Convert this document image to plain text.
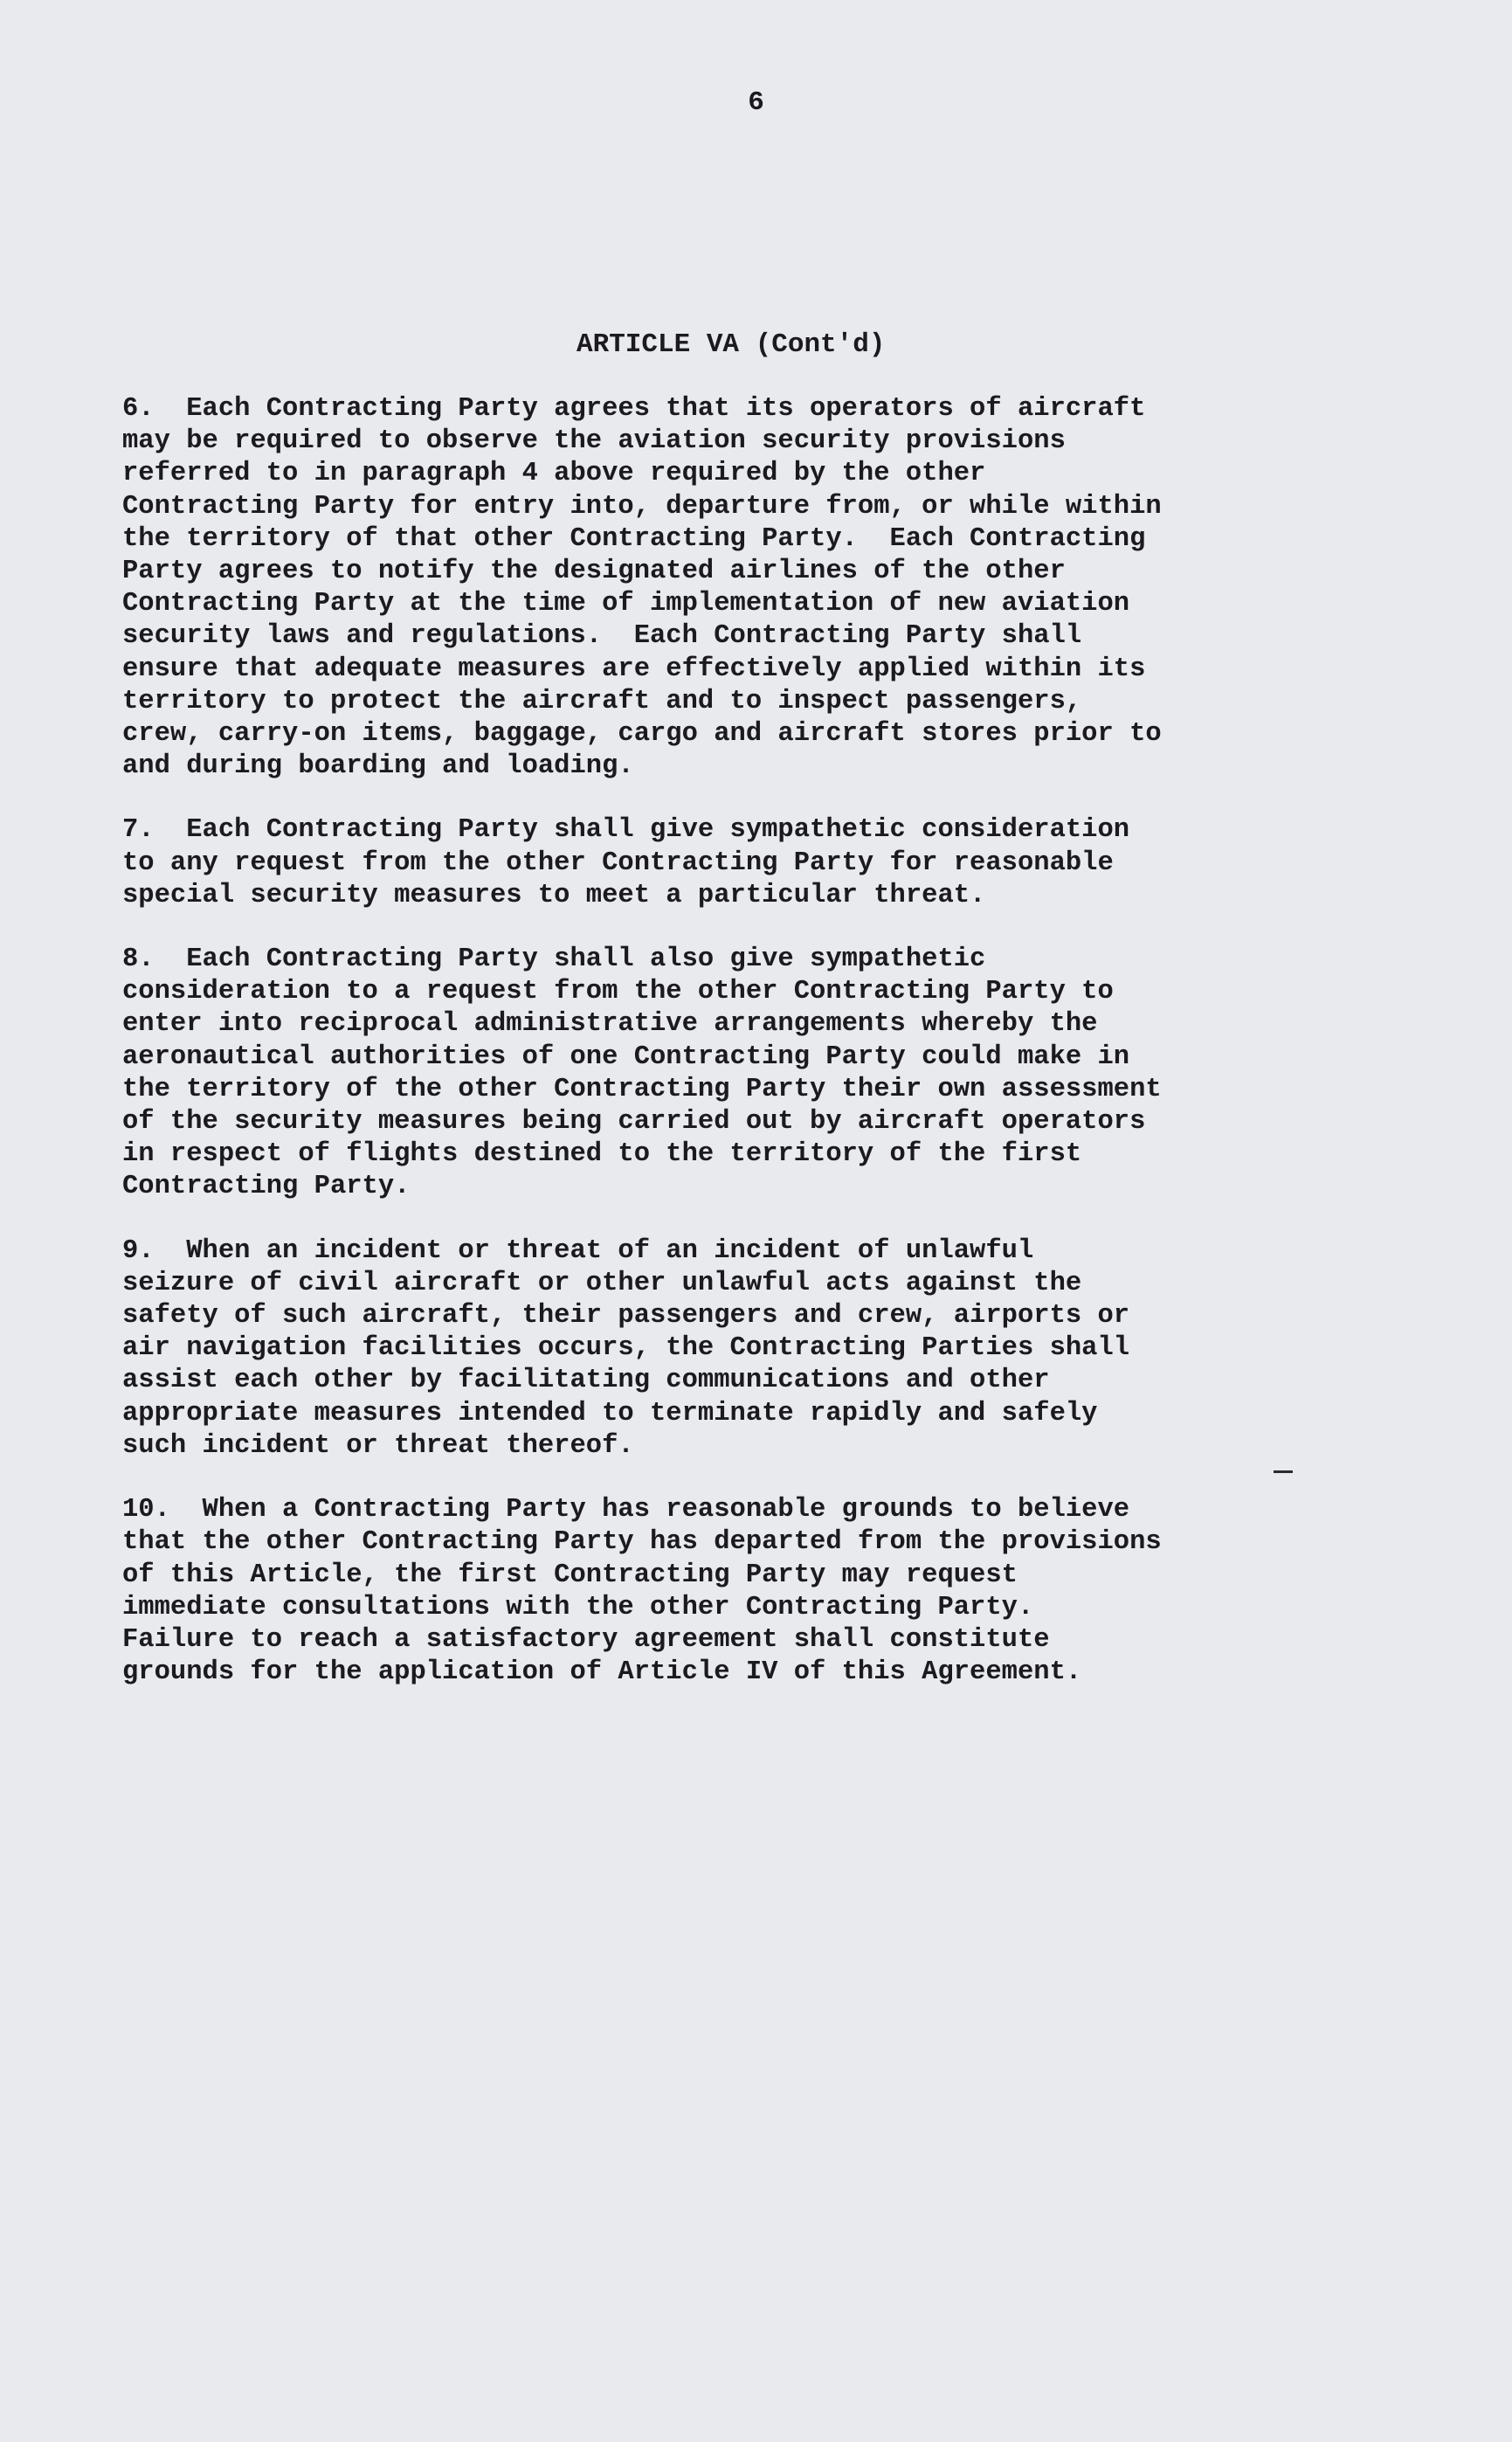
6
ARTICLE VA (Cont'd)
6.  Each Contracting Party agrees that its operators of aircraft
may be required to observe the aviation security provisions
referred to in paragraph 4 above required by the other
Contracting Party for entry into, departure from, or while within
the territory of that other Contracting Party.  Each Contracting
Party agrees to notify the designated airlines of the other
Contracting Party at the time of implementation of new aviation
security laws and regulations.  Each Contracting Party shall
ensure that adequate measures are effectively applied within its
territory to protect the aircraft and to inspect passengers,
crew, carry-on items, baggage, cargo and aircraft stores prior to
and during boarding and loading.
7.  Each Contracting Party shall give sympathetic consideration
to any request from the other Contracting Party for reasonable
special security measures to meet a particular threat.
8.  Each Contracting Party shall also give sympathetic
consideration to a request from the other Contracting Party to
enter into reciprocal administrative arrangements whereby the
aeronautical authorities of one Contracting Party could make in
the territory of the other Contracting Party their own assessment
of the security measures being carried out by aircraft operators
in respect of flights destined to the territory of the first
Contracting Party.
9.  When an incident or threat of an incident of unlawful
seizure of civil aircraft or other unlawful acts against the
safety of such aircraft, their passengers and crew, airports or
air navigation facilities occurs, the Contracting Parties shall
assist each other by facilitating communications and other
appropriate measures intended to terminate rapidly and safely
such incident or threat thereof.
10.  When a Contracting Party has reasonable grounds to believe
that the other Contracting Party has departed from the provisions
of this Article, the first Contracting Party may request
immediate consultations with the other Contracting Party.
Failure to reach a satisfactory agreement shall constitute
grounds for the application of Article IV of this Agreement.
